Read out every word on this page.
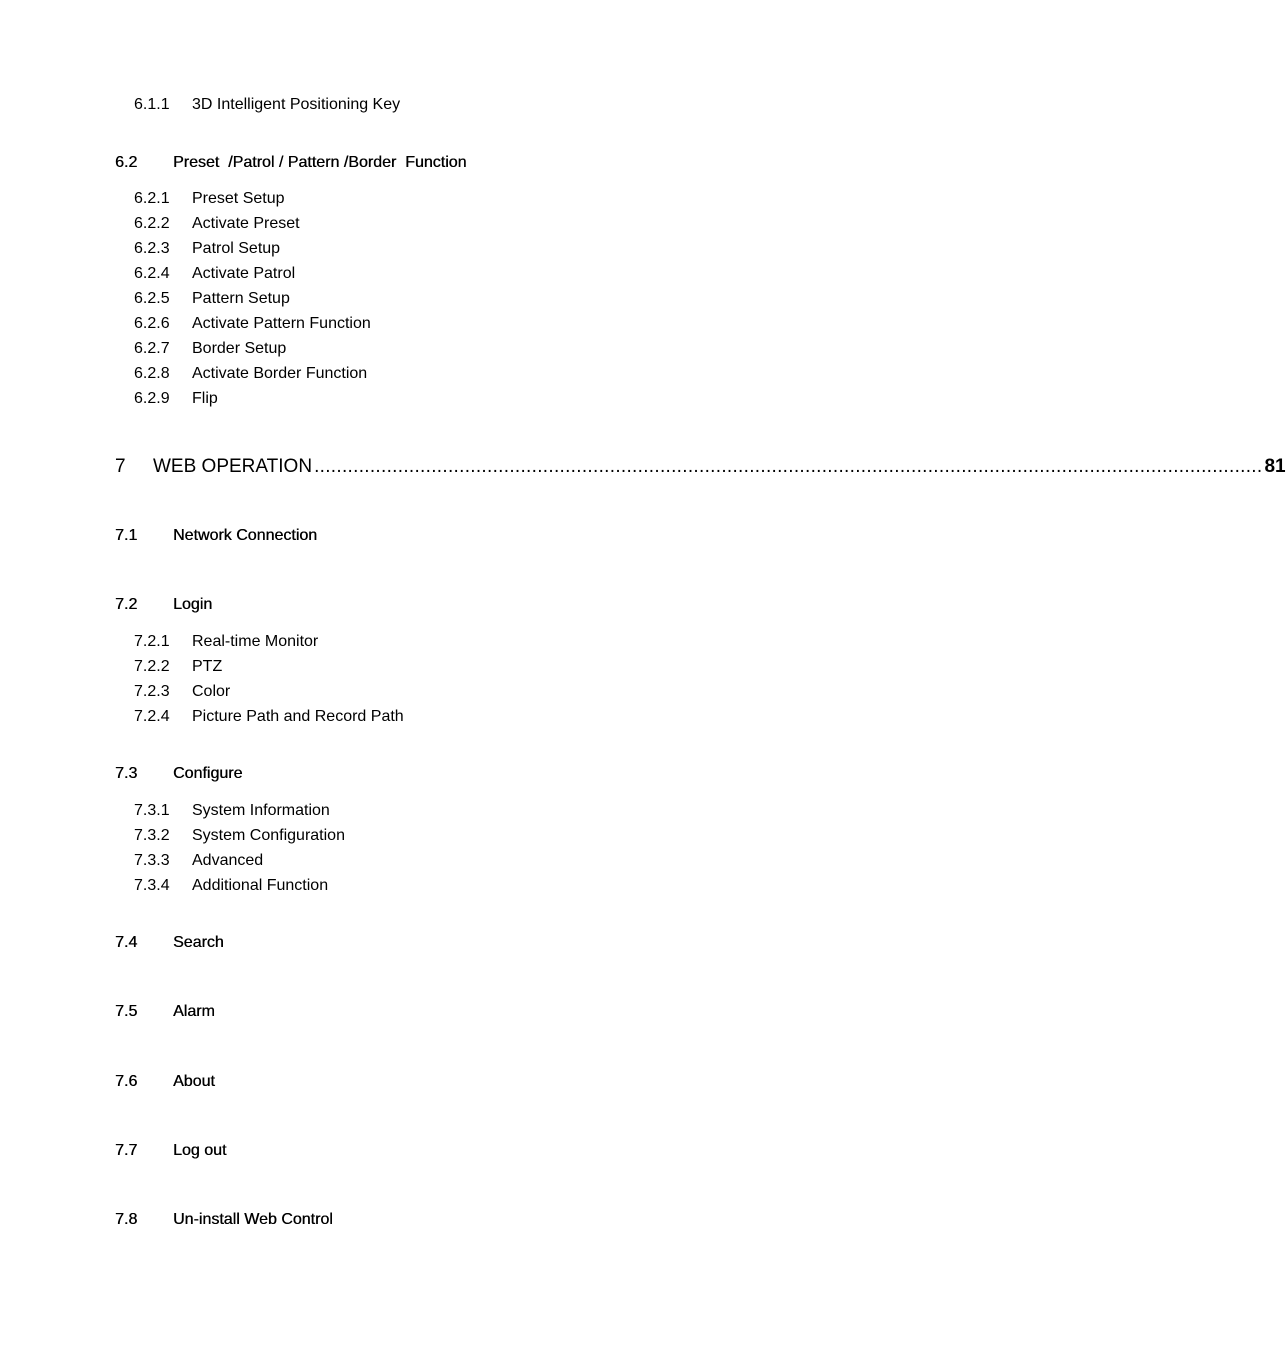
6.1.1 3D Intelligent Positioning Key
6.2 Preset  /Patrol / Pattern /Border  Function
6.2.1 Preset Setup
6.2.2 Activate Preset
6.2.3 Patrol Setup
6.2.4 Activate Patrol
6.2.5 Pattern Setup
6.2.6 Activate Pattern Function
6.2.7 Border Setup
6.2.8 Activate Border Function
6.2.9 Flip
7	WEB OPERATION .......................................................................................................................................................................... 81
7.1 Network Connection
7.2 Login
7.2.1 Real-time Monitor
7.2.2 PTZ
7.2.3 Color
7.2.4 Picture Path and Record Path
7.3 Configure
7.3.1 System Information
7.3.2 System Configuration
7.3.3 Advanced
7.3.4 Additional Function
7.4 Search
7.5 Alarm
7.6 About
7.7 Log out
7.8 Un-install Web Control
